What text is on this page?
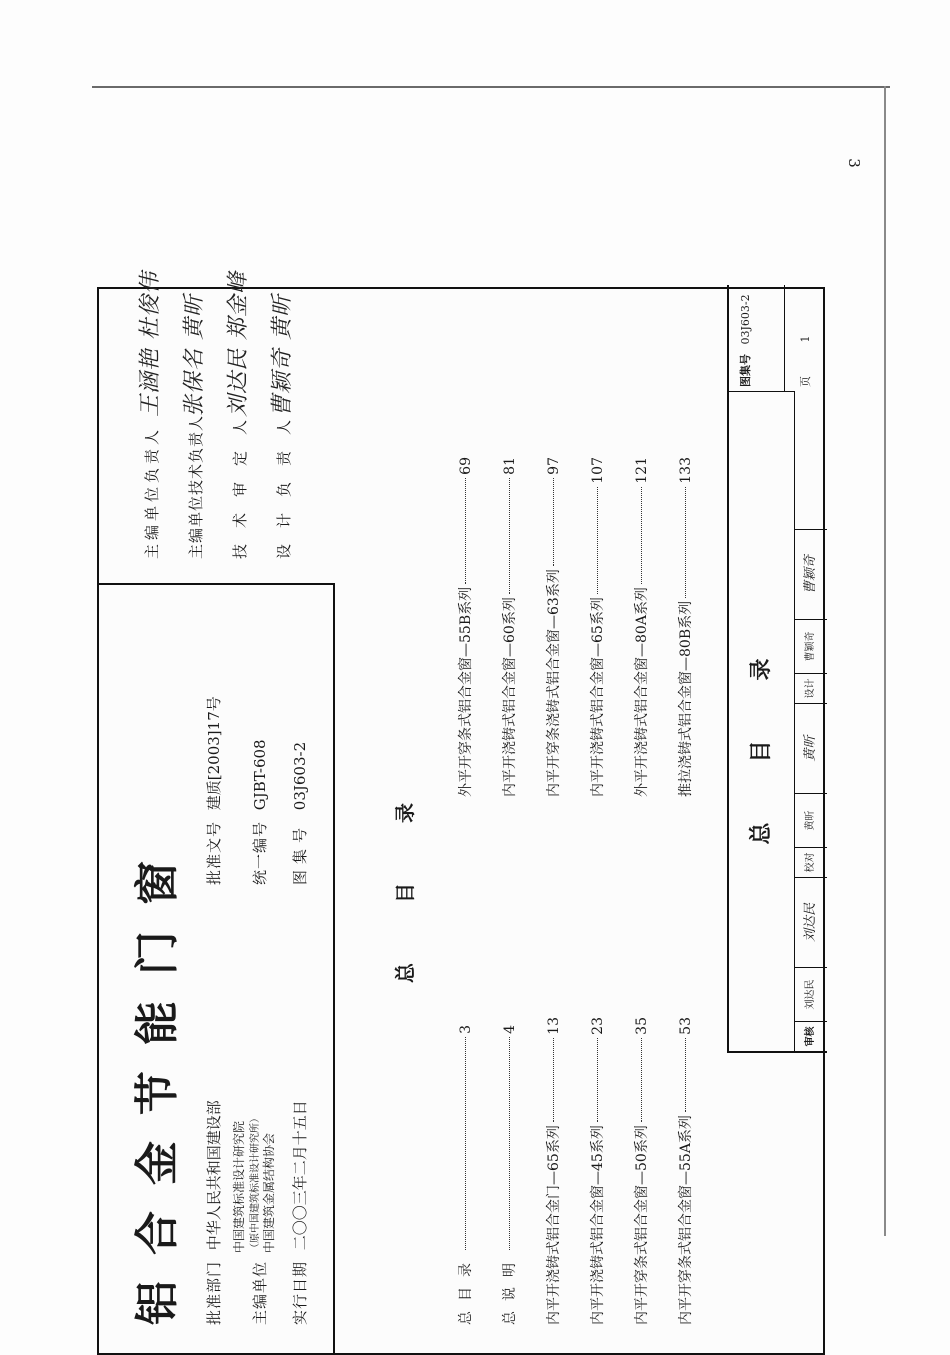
3
铝合金节能门窗 批准部门 中华人民共和国建设部
批准文号 建质[2003]17号
主编单位
中国建筑标准设计研究院 （原中国建筑标准设计研究所） 中国建筑金属结构协会
统一编号 GJBT-608
实行日期 二〇〇三年二月十五日
图集号 03J603-2
主编单位负责人
王涵艳 杜俊伟
主编单位技术负责人
张保名 黄昕
技术审定人
刘达民 郑金峰
设计负责人
曹颖奇 黄昕
总目录
总目录
3
总说明
4
内平开浇铸式铝合金门—65系列
13
内平开浇铸式铝合金窗—45系列
23
内平开穿条式铝合金窗—50系列
35
内平开穿条式铝合金窗—55A系列
53
外平开穿条式铝合金窗—55B系列
69
内平开浇铸式铝合金窗—60系列
81
内平开穿条浇铸式铝合金窗—63系列
97
内平开浇铸式铝合金窗—65系列
107
外平开浇铸式铝合金窗—80A系列
121
推拉浇铸式铝合金窗—80B系列
133
总目录
审核
刘达民
刘达民
校对
黄昕
黄昕
设计
曹颖奇
曹颖奇
图集号 03J603-2
页 1
